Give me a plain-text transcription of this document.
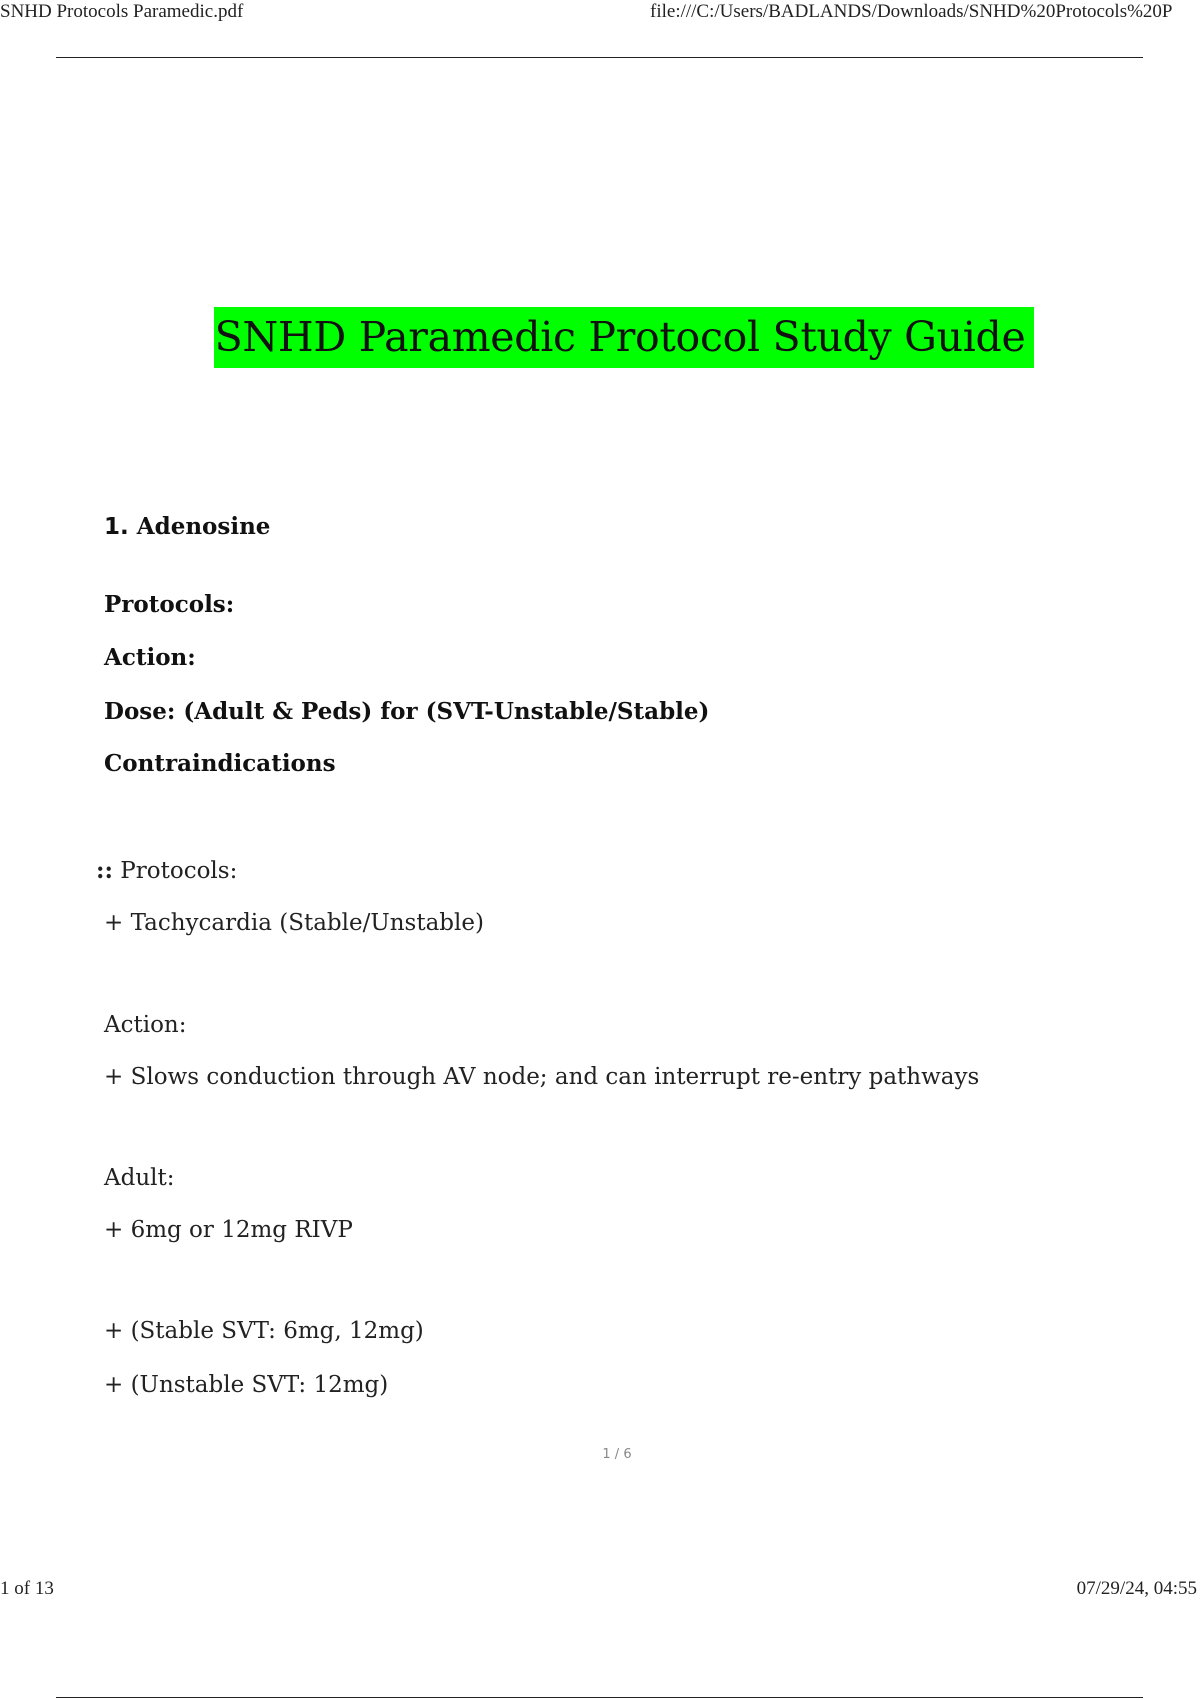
SNHD Protocols Paramedic.pdf	file:///C:/Users/BADLANDS/Downloads/SNHD%20Protocols%20P
SNHD Paramedic Protocol Study Guide
1. Adenosine
Protocols:
Action:
Dose: (Adult & Peds) for (SVT-Unstable/Stable)
Contraindications
:: Protocols:
+ Tachycardia (Stable/Unstable)
Action:
+ Slows conduction through AV node; and can interrupt re-entry pathways
Adult:
+ 6mg or 12mg RIVP
+ (Stable SVT: 6mg, 12mg)
+ (Unstable SVT: 12mg)
1 / 6
1 of 13	07/29/24, 04:55
